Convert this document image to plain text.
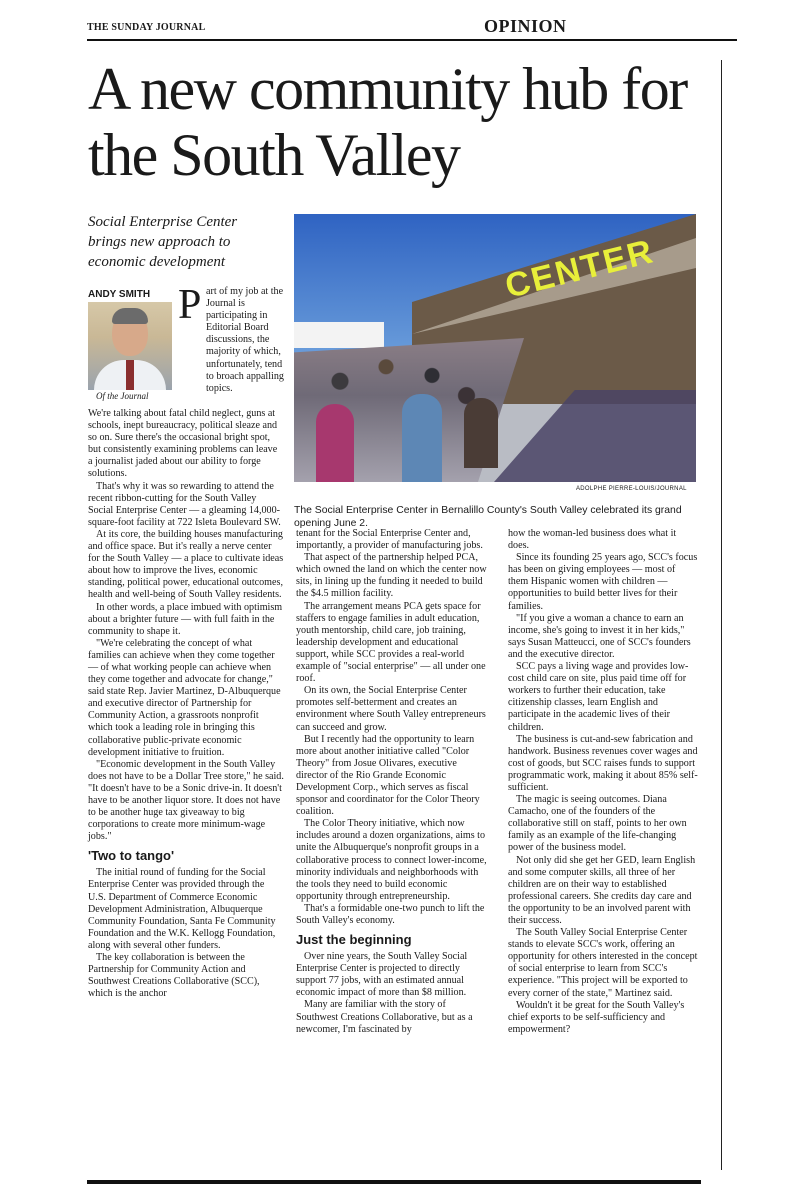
THE SUNDAY JOURNAL	OPINION
A new community hub for the South Valley
Social Enterprise Center brings new approach to economic development
ANDY SMITH
Of the Journal
P art of my job at the Journal is participating in Editorial Board discussions, the majority of which, unfortunately, tend to broach appalling topics.
CENTER
ADOLPHE PIERRE-LOUIS/JOURNAL
The Social Enterprise Center in Bernalillo County's South Valley celebrated its grand opening June 2.

We're talking about fatal child neglect, guns at schools, inept bureaucracy, political sleaze and so on. Sure there's the occasional bright spot, but consistently examining problems can leave a journalist jaded about our ability to forge solutions.

That's why it was so rewarding to attend the recent ribbon-cutting for the South Valley Social Enterprise Center — a gleaming 14,000-square-foot facility at 722 Isleta Boulevard SW.

At its core, the building houses manufacturing and office space. But it's really a nerve center for the South Valley — a place to cultivate ideas about how to improve the lives, economic standing, political power, educational outcomes, health and well-being of South Valley residents.

In other words, a place imbued with optimism about a brighter future — with full faith in the community to shape it.

"We're celebrating the concept of what families can achieve when they come together — of what working people can achieve when they come together and advocate for change," said state Rep. Javier Martinez, D-Albuquerque and executive director of Partnership for Community Action, a grassroots nonprofit which took a leading role in bringing this collaborative public-private economic development initiative to fruition.

"Economic development in the South Valley does not have to be a Dollar Tree store," he said. "It doesn't have to be a Sonic drive-in. It doesn't have to be another liquor store. It does not have to be another huge tax giveaway to big corporations to create more minimum-wage jobs."

'Two to tango'

The initial round of funding for the Social Enterprise Center was provided through the U.S. Department of Commerce Economic Development Administration, Albuquerque Community Foundation, Santa Fe Community Foundation and the W.K. Kellogg Foundation, along with several other funders.

The key collaboration is between the Partnership for Community Action and Southwest Creations Collaborative (SCC), which is the anchor

tenant for the Social Enterprise Center and, importantly, a provider of manufacturing jobs.

That aspect of the partnership helped PCA, which owned the land on which the center now sits, in lining up the funding it needed to build the $4.5 million facility.

The arrangement means PCA gets space for staffers to engage families in adult education, youth mentorship, child care, job training, leadership development and educational support, while SCC provides a real-world example of "social enterprise" — all under one roof.

On its own, the Social Enterprise Center promotes self-betterment and creates an environment where South Valley entrepreneurs can succeed and grow.

But I recently had the opportunity to learn more about another initiative called "Color Theory" from Josue Olivares, executive director of the Rio Grande Economic Development Corp., which serves as fiscal sponsor and coordinator for the Color Theory coalition.

The Color Theory initiative, which now includes around a dozen organizations, aims to unite the Albuquerque's nonprofit groups in a collaborative process to connect lower-income, minority individuals and neighborhoods with the tools they need to build economic opportunity through entrepreneurship.

That's a formidable one-two punch to lift the South Valley's economy.

Just the beginning

Over nine years, the South Valley Social Enterprise Center is projected to directly support 77 jobs, with an estimated annual economic impact of more than $8 million.

Many are familiar with the story of Southwest Creations Collaborative, but as a newcomer, I'm fascinated by

how the woman-led business does what it does.

Since its founding 25 years ago, SCC's focus has been on giving employees — most of them Hispanic women with children — opportunities to build better lives for their families.

"If you give a woman a chance to earn an income, she's going to invest it in her kids," says Susan Matteucci, one of SCC's founders and the executive director.

SCC pays a living wage and provides low-cost child care on site, plus paid time off for workers to further their education, take citizenship classes, learn English and participate in the academic lives of their children.

The business is cut-and-sew fabrication and handwork. Business revenues cover wages and cost of goods, but SCC raises funds to support programmatic work, making it about 85% self-sufficient.

The magic is seeing outcomes. Diana Camacho, one of the founders of the collaborative still on staff, points to her own family as an example of the life-changing power of the business model.

Not only did she get her GED, learn English and some computer skills, all three of her children are on their way to established professional careers. She credits day care and the opportunity to be an involved parent with their success.

The South Valley Social Enterprise Center stands to elevate SCC's work, offering an opportunity for others interested in the concept of social enterprise to learn from SCC's experience. "This project will be exported to every corner of the state," Martinez said.

Wouldn't it be great for the South Valley's chief exports to be self-sufficiency and empowerment?
